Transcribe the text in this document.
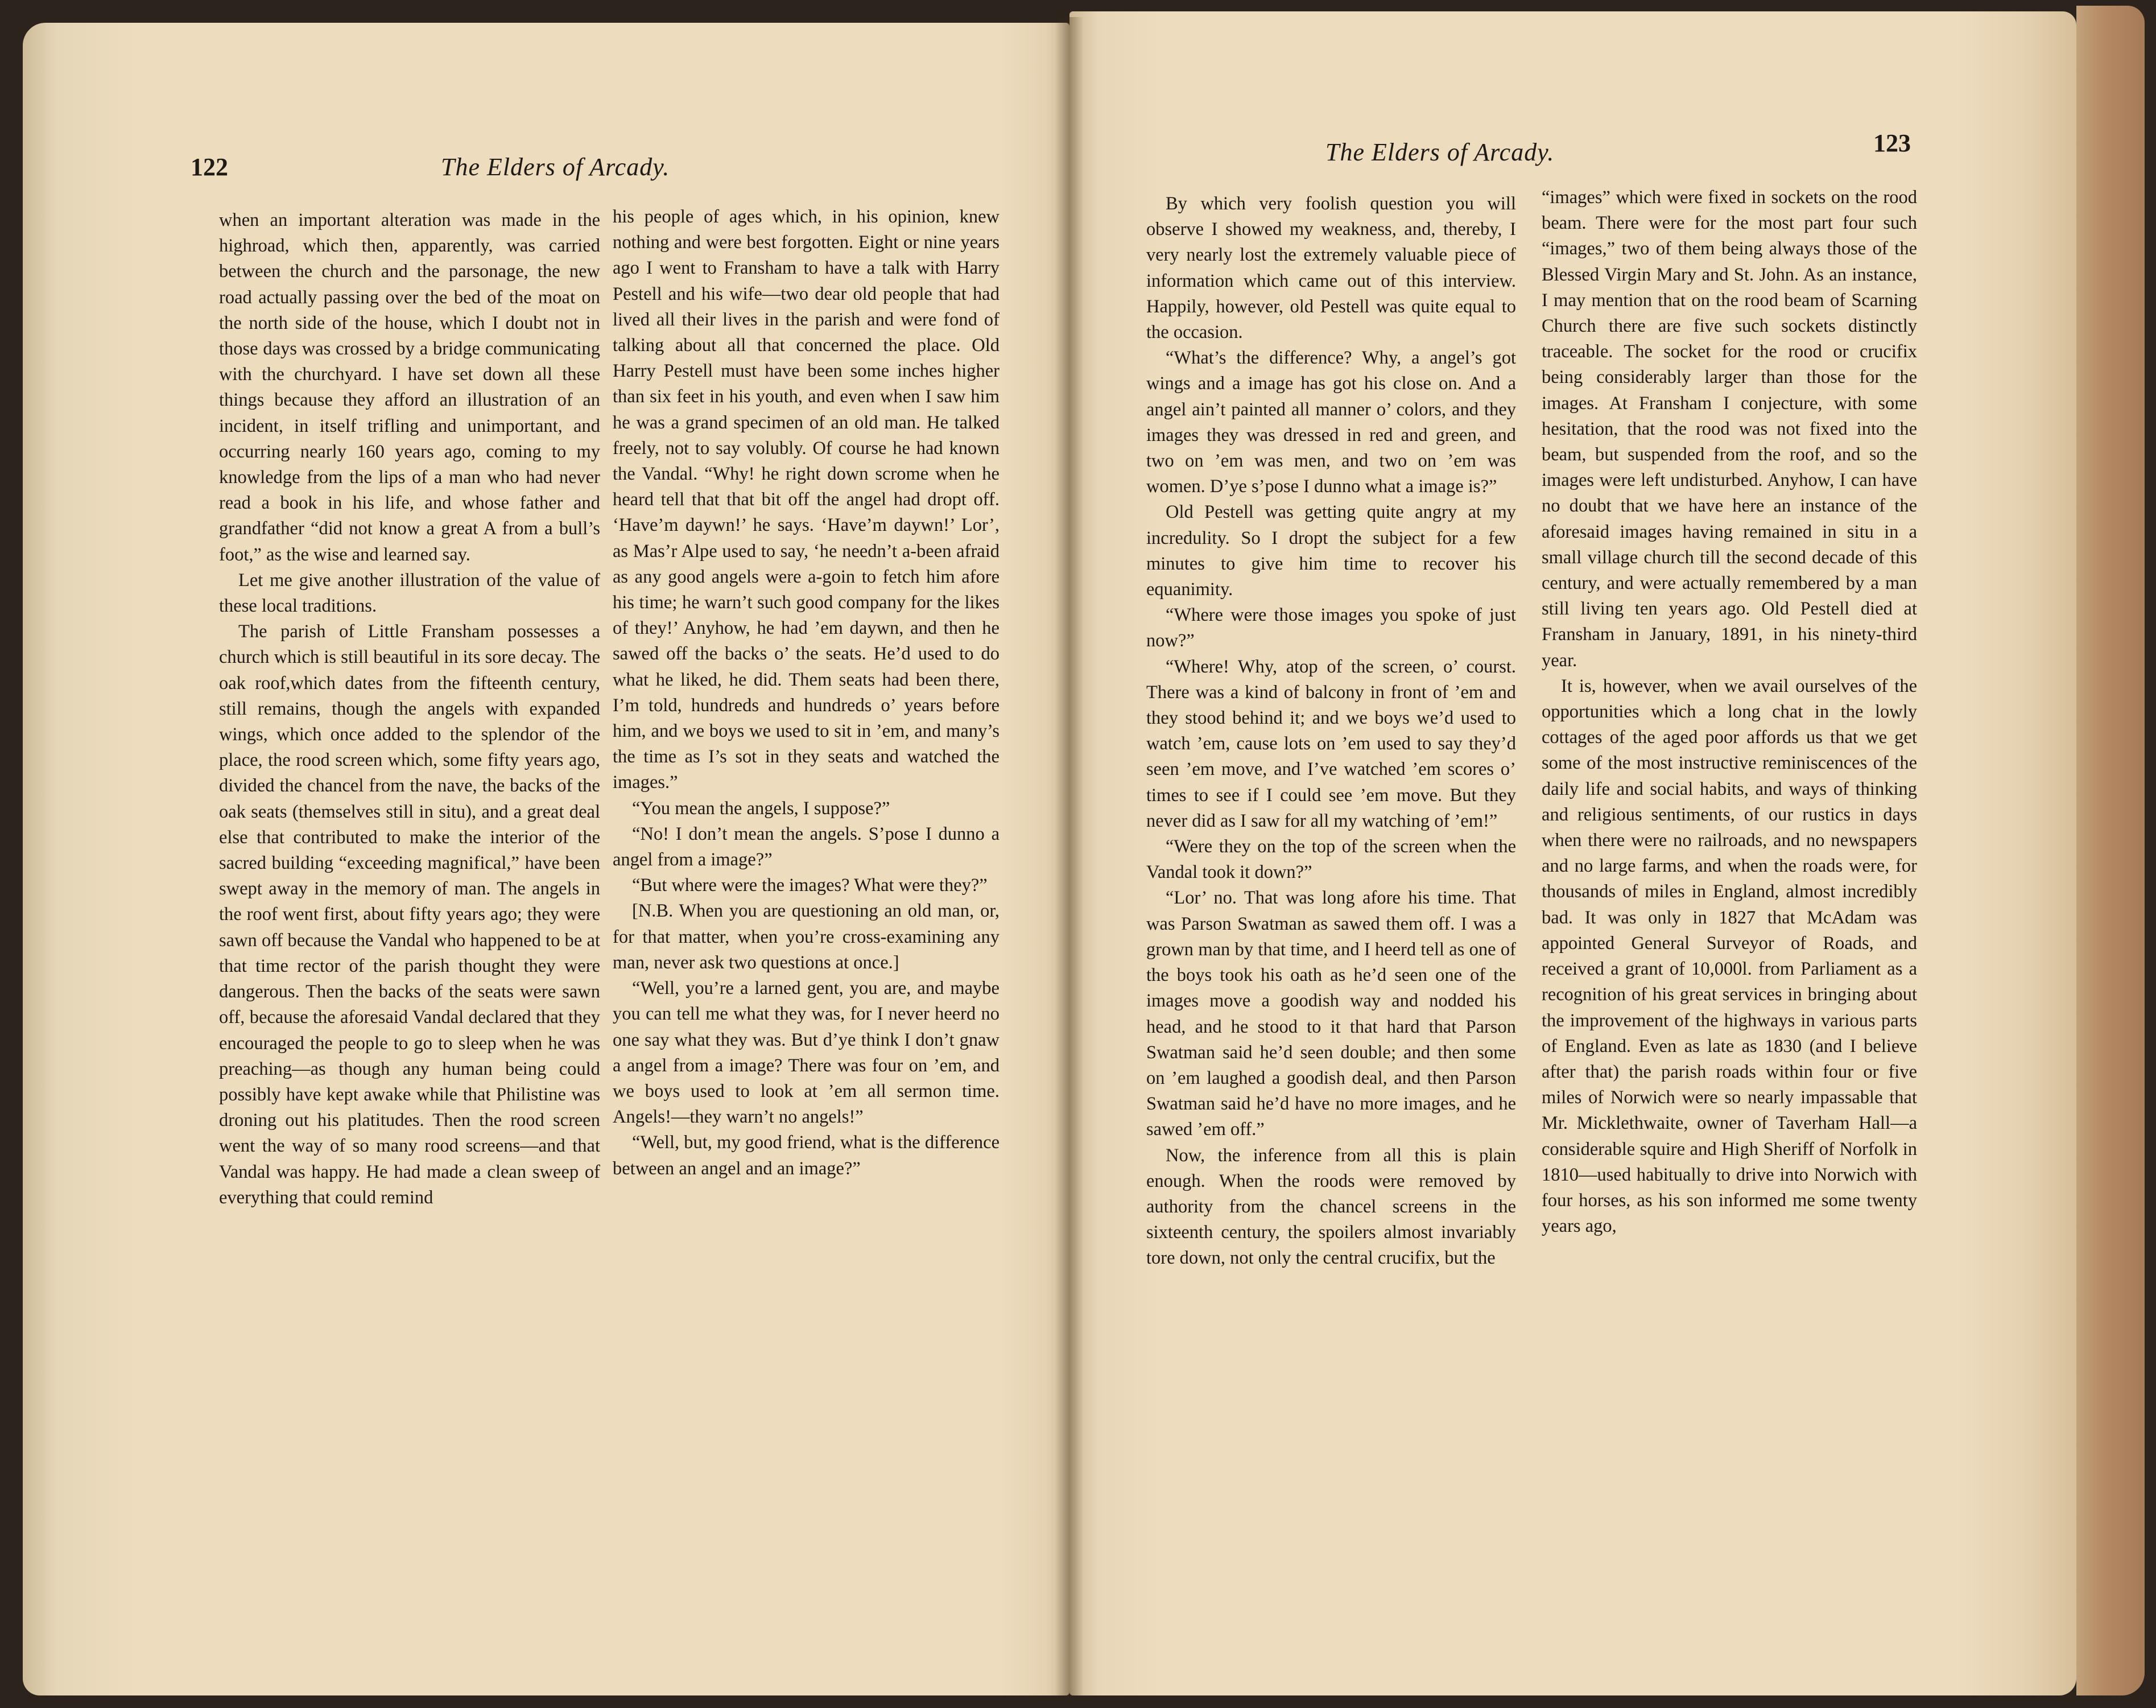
122	The Elders of Arcady.
The Elders of Arcady.	123

when an important alteration was made in the highroad, which then, apparently, was carried between the church and the parsonage, the new road actually passing over the bed of the moat on the north side of the house, which I doubt not in those days was crossed by a bridge communicating with the churchyard. I have set down all these things because they afford an illustration of an incident, in itself trifling and unimportant, and occurring nearly 160 years ago, coming to my knowledge from the lips of a man who had never read a book in his life, and whose father and grandfather “did not know a great A from a bull’s foot,” as the wise and learned say.

Let me give another illustration of the value of these local traditions.

The parish of Little Fransham possesses a church which is still beautiful in its sore decay. The oak roof,which dates from the fifteenth century, still remains, though the angels with expanded wings, which once added to the splendor of the place, the rood screen which, some fifty years ago, divided the chancel from the nave, the backs of the oak seats (themselves still in situ), and a great deal else that contributed to make the interior of the sacred building “exceeding magnifical,” have been swept away in the memory of man. The angels in the roof went first, about fifty years ago; they were sawn off because the Vandal who happened to be at that time rector of the parish thought they were dangerous. Then the backs of the seats were sawn off, because the aforesaid Vandal declared that they encouraged the people to go to sleep when he was preaching—as though any human being could possibly have kept awake while that Philistine was droning out his platitudes. Then the rood screen went the way of so many rood screens—and that Vandal was happy. He had made a clean sweep of everything that could remind

his people of ages which, in his opinion, knew nothing and were best forgotten. Eight or nine years ago I went to Fransham to have a talk with Harry Pestell and his wife—two dear old people that had lived all their lives in the parish and were fond of talking about all that concerned the place. Old Harry Pestell must have been some inches higher than six feet in his youth, and even when I saw him he was a grand specimen of an old man. He talked freely, not to say volubly. Of course he had known the Vandal. “Why! he right down scrome when he heard tell that that bit off the angel had dropt off. ‘Have’m daywn!’ he says. ‘Have’m daywn!’ Lor’, as Mas’r Alpe used to say, ‘he needn’t a-been afraid as any good angels were a-goin to fetch him afore his time; he warn’t such good company for the likes of they!’ Anyhow, he had ’em daywn, and then he sawed off the backs o’ the seats. He’d used to do what he liked, he did. Them seats had been there, I’m told, hundreds and hundreds o’ years before him, and we boys we used to sit in ’em, and many’s the time as I’s sot in they seats and watched the images.”

“You mean the angels, I suppose?”

“No! I don’t mean the angels. S’pose I dunno a angel from a image?”

“But where were the images? What were they?”

[N.B. When you are questioning an old man, or, for that matter, when you’re cross-examining any man, never ask two questions at once.]

“Well, you’re a larned gent, you are, and maybe you can tell me what they was, for I never heerd no one say what they was. But d’ye think I don’t gnaw a angel from a image? There was four on ’em, and we boys used to look at ’em all sermon time. Angels!—they warn’t no angels!”

“Well, but, my good friend, what is the difference between an angel and an image?”

By which very foolish question you will observe I showed my weakness, and, thereby, I very nearly lost the extremely valuable piece of information which came out of this interview. Happily, however, old Pestell was quite equal to the occasion.

“What’s the difference? Why, a angel’s got wings and a image has got his close on. And a angel ain’t painted all manner o’ colors, and they images they was dressed in red and green, and two on ’em was men, and two on ’em was women. D’ye s’pose I dunno what a image is?”

Old Pestell was getting quite angry at my incredulity. So I dropt the subject for a few minutes to give him time to recover his equanimity.

“Where were those images you spoke of just now?”

“Where! Why, atop of the screen, o’ courst. There was a kind of balcony in front of ’em and they stood behind it; and we boys we’d used to watch ’em, cause lots on ’em used to say they’d seen ’em move, and I’ve watched ’em scores o’ times to see if I could see ’em move. But they never did as I saw for all my watching of ’em!”

“Were they on the top of the screen when the Vandal took it down?”

“Lor’ no. That was long afore his time. That was Parson Swatman as sawed them off. I was a grown man by that time, and I heerd tell as one of the boys took his oath as he’d seen one of the images move a goodish way and nodded his head, and he stood to it that hard that Parson Swatman said he’d seen double; and then some on ’em laughed a goodish deal, and then Parson Swatman said he’d have no more images, and he sawed ’em off.”

Now, the inference from all this is plain enough. When the roods were removed by authority from the chancel screens in the sixteenth century, the spoilers almost invariably tore down, not only the central crucifix, but the

“images” which were fixed in sockets on the rood beam. There were for the most part four such “images,” two of them being always those of the Blessed Virgin Mary and St. John. As an instance, I may mention that on the rood beam of Scarning Church there are five such sockets distinctly traceable. The socket for the rood or crucifix being considerably larger than those for the images. At Fransham I conjecture, with some hesitation, that the rood was not fixed into the beam, but suspended from the roof, and so the images were left undisturbed. Anyhow, I can have no doubt that we have here an instance of the aforesaid images having remained in situ in a small village church till the second decade of this century, and were actually remembered by a man still living ten years ago. Old Pestell died at Fransham in January, 1891, in his ninety-third year.

It is, however, when we avail ourselves of the opportunities which a long chat in the lowly cottages of the aged poor affords us that we get some of the most instructive reminiscences of the daily life and social habits, and ways of thinking and religious sentiments, of our rustics in days when there were no railroads, and no newspapers and no large farms, and when the roads were, for thousands of miles in England, almost incredibly bad. It was only in 1827 that McAdam was appointed General Surveyor of Roads, and received a grant of 10,000l. from Parliament as a recognition of his great services in bringing about the improvement of the highways in various parts of England. Even as late as 1830 (and I believe after that) the parish roads within four or five miles of Norwich were so nearly impassable that Mr. Micklethwaite, owner of Taverham Hall—a considerable squire and High Sheriff of Norfolk in 1810—used habitually to drive into Norwich with four horses, as his son informed me some twenty years ago,
